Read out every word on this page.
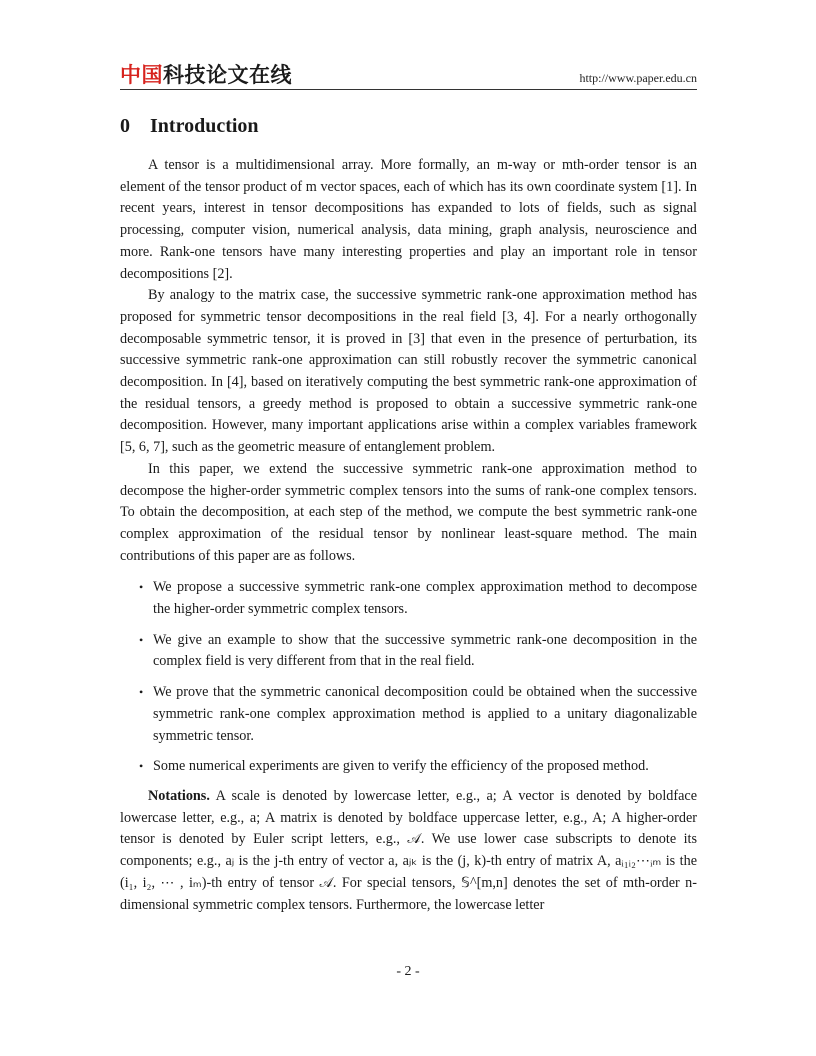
中国科技论文在线	http://www.paper.edu.cn
0 Introduction

A tensor is a multidimensional array. More formally, an m-way or mth-order tensor is an element of the tensor product of m vector spaces, each of which has its own coordinate system [1]. In recent years, interest in tensor decompositions has expanded to lots of fields, such as signal processing, computer vision, numerical analysis, data mining, graph analysis, neuroscience and more. Rank-one tensors have many interesting properties and play an important role in tensor decompositions [2].

By analogy to the matrix case, the successive symmetric rank-one approximation method has proposed for symmetric tensor decompositions in the real field [3, 4]. For a nearly orthogonally decomposable symmetric tensor, it is proved in [3] that even in the presence of perturbation, its successive symmetric rank-one approximation can still robustly recover the symmetric canonical decomposition. In [4], based on iteratively computing the best symmetric rank-one approximation of the residual tensors, a greedy method is proposed to obtain a successive symmetric rank-one decomposition. However, many important applications arise within a complex variables framework [5, 6, 7], such as the geometric measure of entanglement problem.

In this paper, we extend the successive symmetric rank-one approximation method to decompose the higher-order symmetric complex tensors into the sums of rank-one complex tensors. To obtain the decomposition, at each step of the method, we compute the best symmetric rank-one complex approximation of the residual tensor by nonlinear least-square method. The main contributions of this paper are as follows.

• We propose a successive symmetric rank-one complex approximation method to decompose the higher-order symmetric complex tensors.
• We give an example to show that the successive symmetric rank-one decomposition in the complex field is very different from that in the real field.
• We prove that the symmetric canonical decomposition could be obtained when the successive symmetric rank-one complex approximation method is applied to a unitary diagonalizable symmetric tensor.
• Some numerical experiments are given to verify the efficiency of the proposed method.

Notations. A scale is denoted by lowercase letter, e.g., a; A vector is denoted by boldface lowercase letter, e.g., a; A matrix is denoted by boldface uppercase letter, e.g., A; A higher-order tensor is denoted by Euler script letters, e.g., 𝒜. We use lower case subscripts to denote its components; e.g., aⱼ is the j-th entry of vector a, aⱼₖ is the (j, k)-th entry of matrix A, aᵢ₁ᵢ₂⋯ᵢₘ is the (i₁, i₂, ⋯ , iₘ)-th entry of tensor 𝒜. For special tensors, 𝕊^[m,n] denotes the set of mth-order n-dimensional symmetric complex tensors. Furthermore, the lowercase letter

- 2 -
